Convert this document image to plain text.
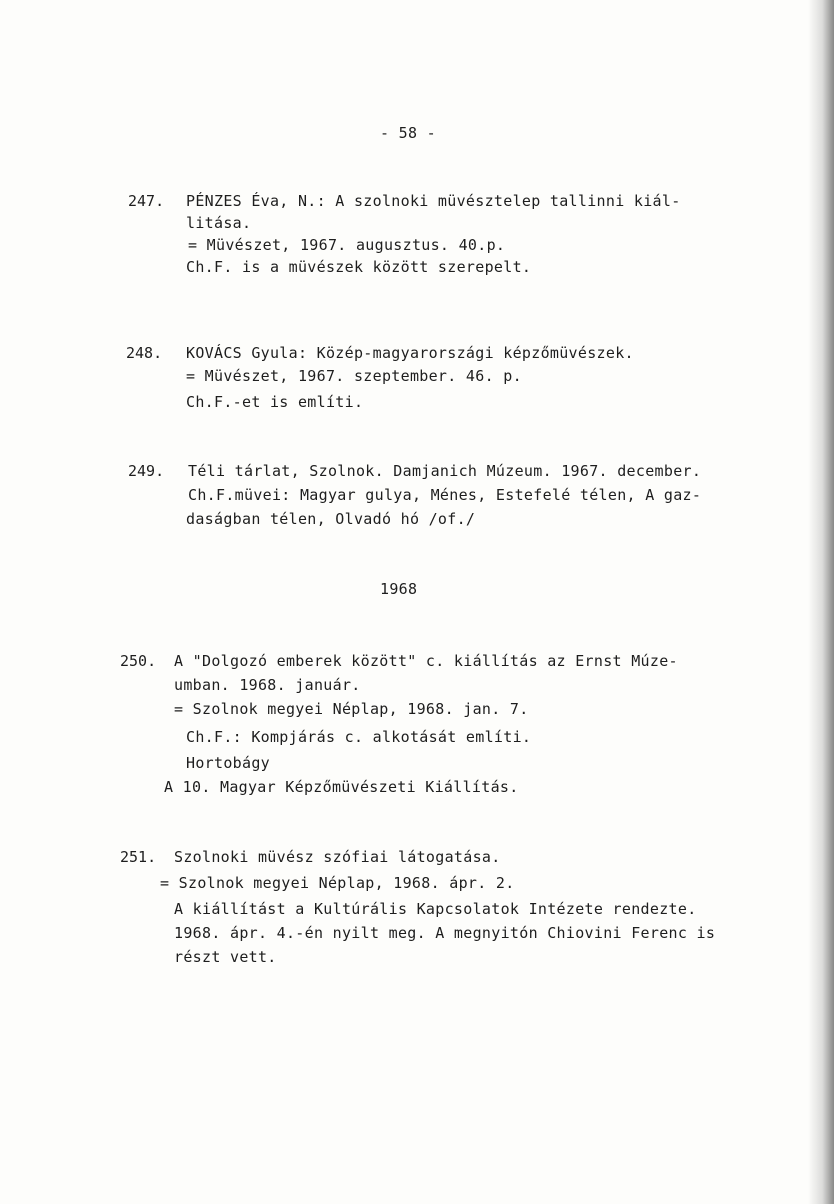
- 58 -
247. PÉNZES Éva, N.: A szolnoki müvésztelep tallinni kiál-
litása.
= Müvészet, 1967. augusztus. 40.p.
Ch.F. is a müvészek között szerepelt.
248. KOVÁCS Gyula: Közép-magyarországi képzőmüvészek.
= Müvészet, 1967. szeptember. 46. p.
Ch.F.-et is említi.
249. Téli tárlat, Szolnok. Damjanich Múzeum. 1967. december.
Ch.F.müvei: Magyar gulya, Ménes, Estefelé télen, A gaz-
daságban télen, Olvadó hó /of./
1968
250. A "Dolgozó emberek között" c. kiállítás az Ernst Múze-
umban. 1968. január.
= Szolnok megyei Néplap, 1968. jan. 7.
Ch.F.: Kompjárás c. alkotását említi.
Hortobágy
A 10. Magyar Képzőmüvészeti Kiállítás.
251. Szolnoki müvész szófiai látogatása.
= Szolnok megyei Néplap, 1968. ápr. 2.
A kiállítást a Kultúrális Kapcsolatok Intézete rendezte.
1968. ápr. 4.-én nyilt meg. A megnyitón Chiovini Ferenc is
részt vett.
